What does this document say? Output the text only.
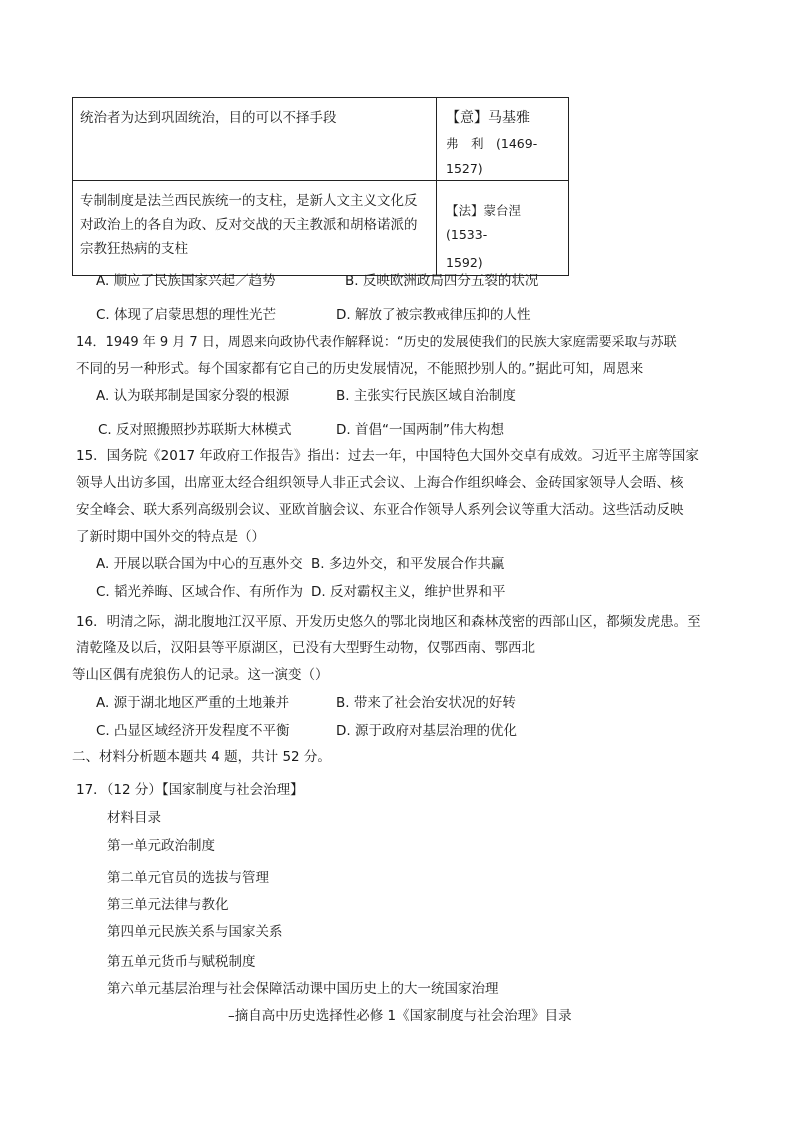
统治者为达到巩固统治，目的可以不择手段	【意】马基雅
弗　利　(1469-
1527)

专制制度是法兰西民族统一的支柱，是新人文主义文化反对政治上的各自为政、反对交战的天主教派和胡格诺派的宗教狂热病的支柱	【法】蒙台涅(1533-
1592)
A. 顺应了民族国家兴起／趋势	B. 反映欧洲政局四分五裂的状况
C. 体现了启蒙思想的理性光芒	D. 解放了被宗教戒律压抑的人性
14．1949 年 9 月 7 日，周恩来向政协代表作解释说：“历史的发展使我们的民族大家庭需要采取与苏联
不同的另一种形式。每个国家都有它自己的历史发展情况，不能照抄别人的。”据此可知，周恩来
A. 认为联邦制是国家分裂的根源	B. 主张实行民族区域自治制度
C. 反对照搬照抄苏联斯大林模式	D. 首倡“一国两制”伟大构想
15．国务院《2017 年政府工作报告》指出：过去一年，中国特色大国外交卓有成效。习近平主席等国家
领导人出访多国，出席亚太经合组织领导人非正式会议、上海合作组织峰会、金砖国家领导人会晤、核
安全峰会、联大系列高级别会议、亚欧首脑会议、东亚合作领导人系列会议等重大活动。这些活动反映
了新时期中国外交的特点是（）
A. 开展以联合国为中心的互惠外交 B. 多边外交，和平发展合作共赢
C. 韬光养晦、区域合作、有所作为 D. 反对霸权主义，维护世界和平
16．明清之际，湖北腹地江汉平原、开发历史悠久的鄂北岗地区和森林茂密的西部山区，都频发虎患。至
清乾隆及以后，汉阳县等平原湖区，已没有大型野生动物，仅鄂西南、鄂西北
等山区偶有虎狼伤人的记录。这一演变（）
A. 源于湖北地区严重的土地兼并	B. 带来了社会治安状况的好转
C. 凸显区域经济开发程度不平衡	D. 源于政府对基层治理的优化
二、材料分析题本题共 4 题，共计 52 分。
17．（12 分）【国家制度与社会治理】
材料目录
第一单元政治制度
第二单元官员的选拔与管理
第三单元法律与教化
第四单元民族关系与国家关系
第五单元货币与赋税制度
第六单元基层治理与社会保障活动课中国历史上的大一统国家治理
–摘自高中历史选择性必修 1《国家制度与社会治理》目录
